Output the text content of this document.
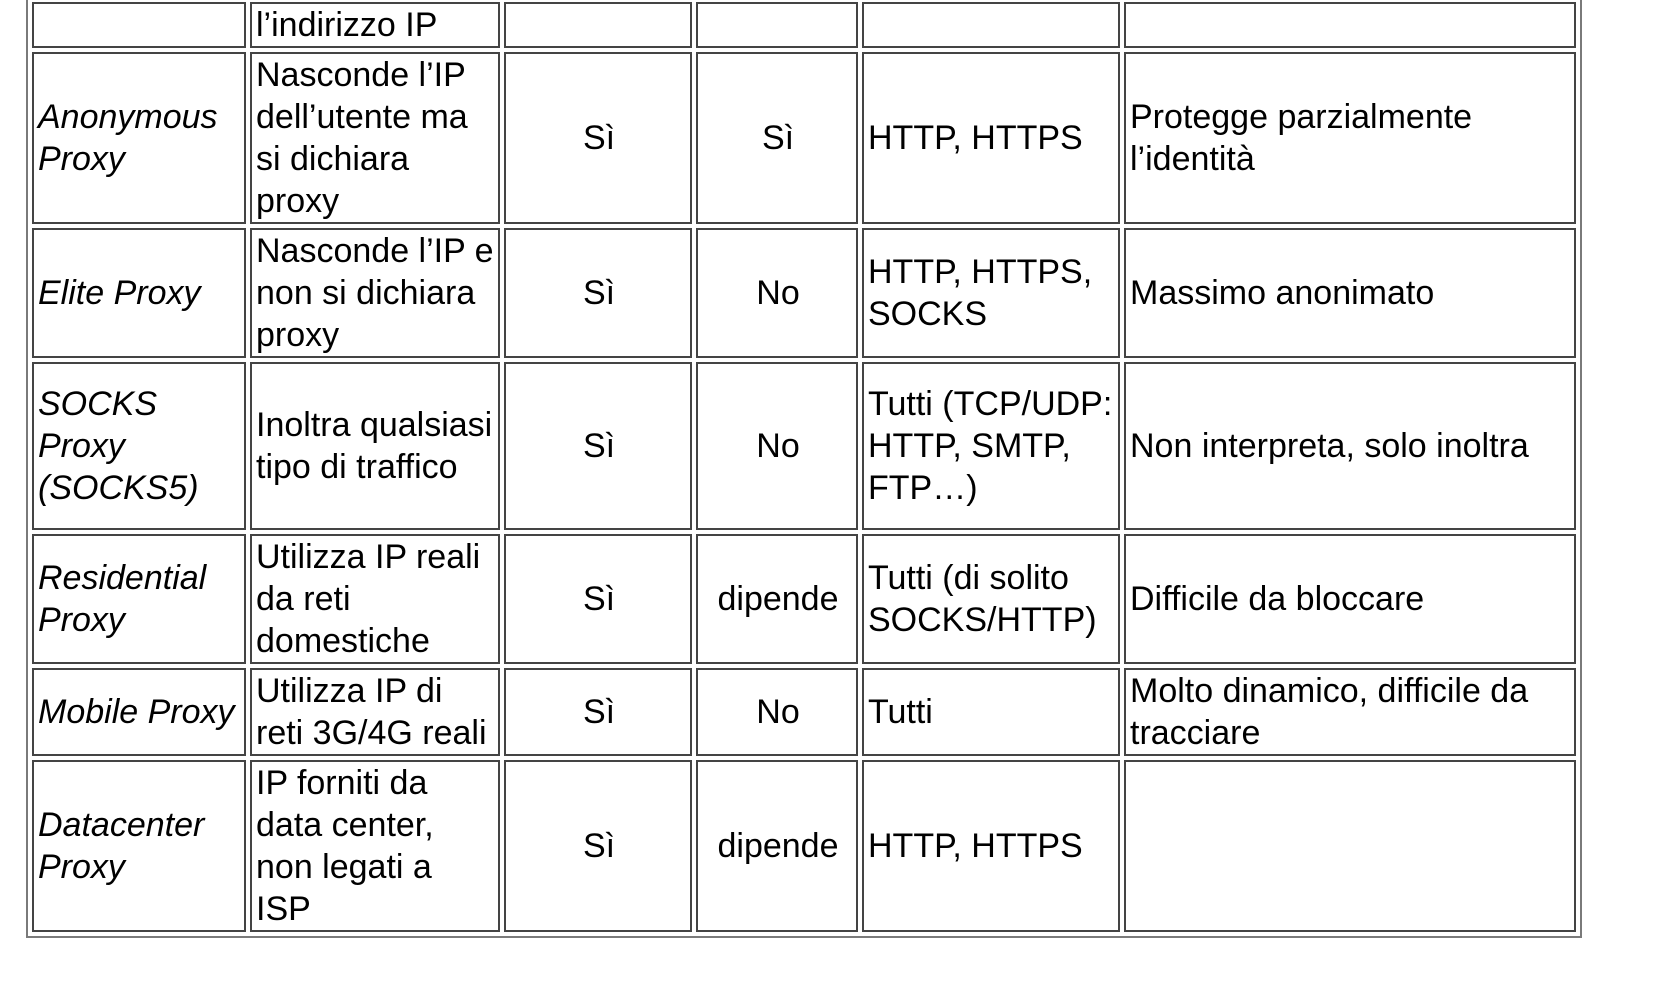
	l’indirizzo IP				
Anonymous Proxy	Nasconde l’IP dell’utente ma si dichiara proxy	Sì	Sì	HTTP, HTTPS	Protegge parzialmente l’identità
Elite Proxy	Nasconde l’IP e non si dichiara proxy	Sì	No	HTTP, HTTPS, SOCKS	Massimo anonimato
SOCKS Proxy (SOCKS5)	Inoltra qualsiasi tipo di traffico	Sì	No	Tutti (TCP/UDP: HTTP, SMTP, FTP…)	Non interpreta, solo inoltra
Residential Proxy	Utilizza IP reali da reti domestiche	Sì	dipende	Tutti (di solito SOCKS/HTTP)	Difficile da bloccare
Mobile Proxy	Utilizza IP di reti 3G/4G reali	Sì	No	Tutti	Molto dinamico, difficile da tracciare
Datacenter Proxy	IP forniti da data center, non legati a ISP	Sì	dipende	HTTP, HTTPS	
